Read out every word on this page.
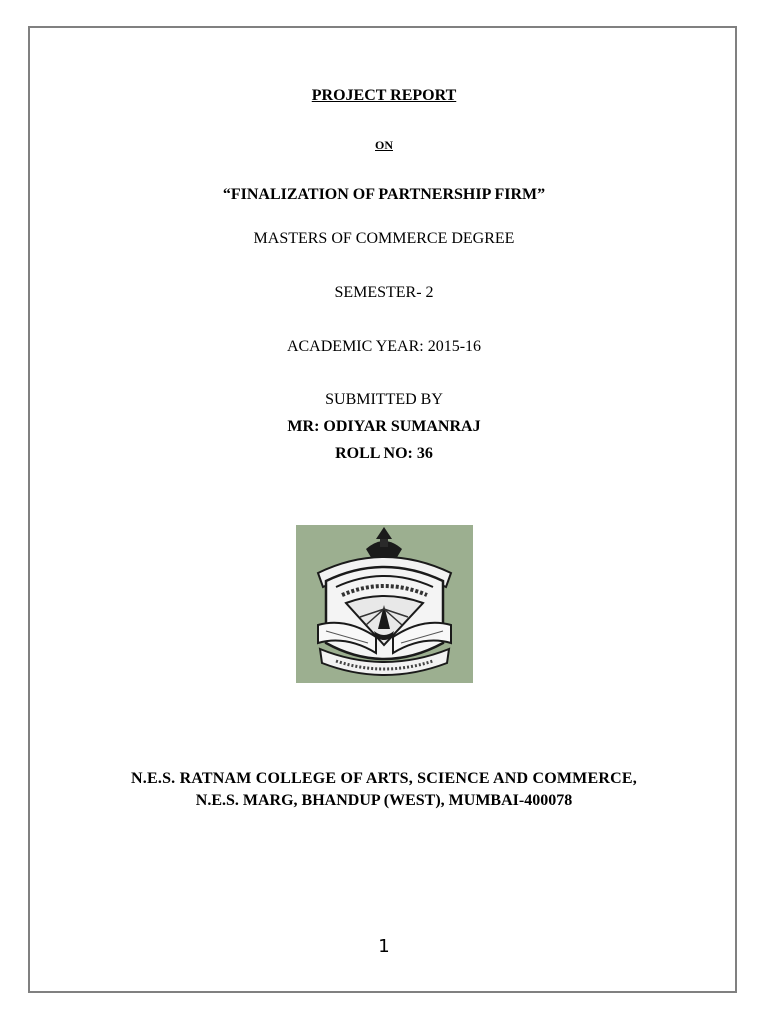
PROJECT REPORT
ON
“FINALIZATION OF PARTNERSHIP FIRM”
MASTERS OF COMMERCE DEGREE
SEMESTER- 2
ACADEMIC YEAR: 2015-16
SUBMITTED BY
MR: ODIYAR SUMANRAJ
ROLL NO: 36
N.E.S. RATNAM COLLEGE OF ARTS, SCIENCE AND COMMERCE,
N.E.S. MARG, BHANDUP (WEST), MUMBAI-400078
1
